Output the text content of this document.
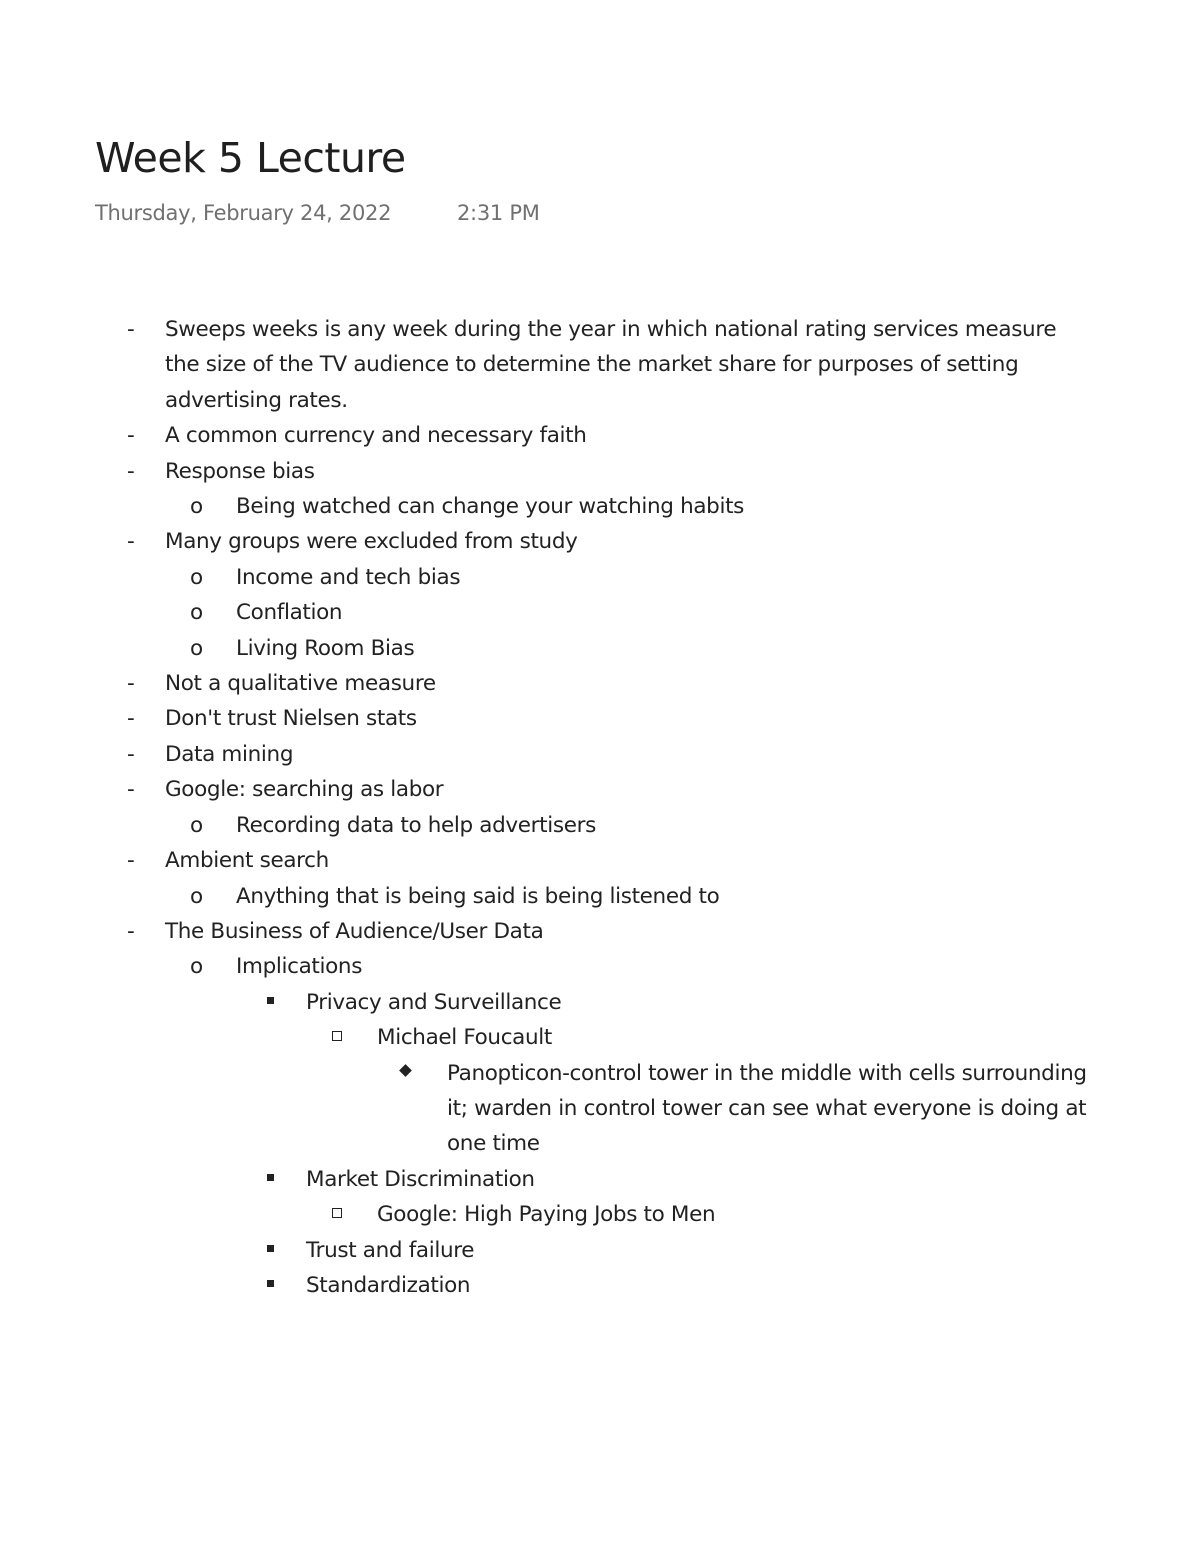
Week 5 Lecture
Thursday, February 24, 2022	2:31 PM
-	Sweeps weeks is any week during the year in which national rating services measure the size of the TV audience to determine the market share for purposes of setting advertising rates.
-	A common currency and necessary faith
-	Response bias
o	Being watched can change your watching habits
-	Many groups were excluded from study
o	Income and tech bias
o	Conflation
o	Living Room Bias
-	Not a qualitative measure
-	Don't trust Nielsen stats
-	Data mining
-	Google: searching as labor
o	Recording data to help advertisers
-	Ambient search
o	Anything that is being said is being listened to
-	The Business of Audience/User Data
o	Implications
Privacy and Surveillance
Michael Foucault
Panopticon-control tower in the middle with cells surrounding it; warden in control tower can see what everyone is doing at one time
Market Discrimination
Google: High Paying Jobs to Men
Trust and failure
Standardization
